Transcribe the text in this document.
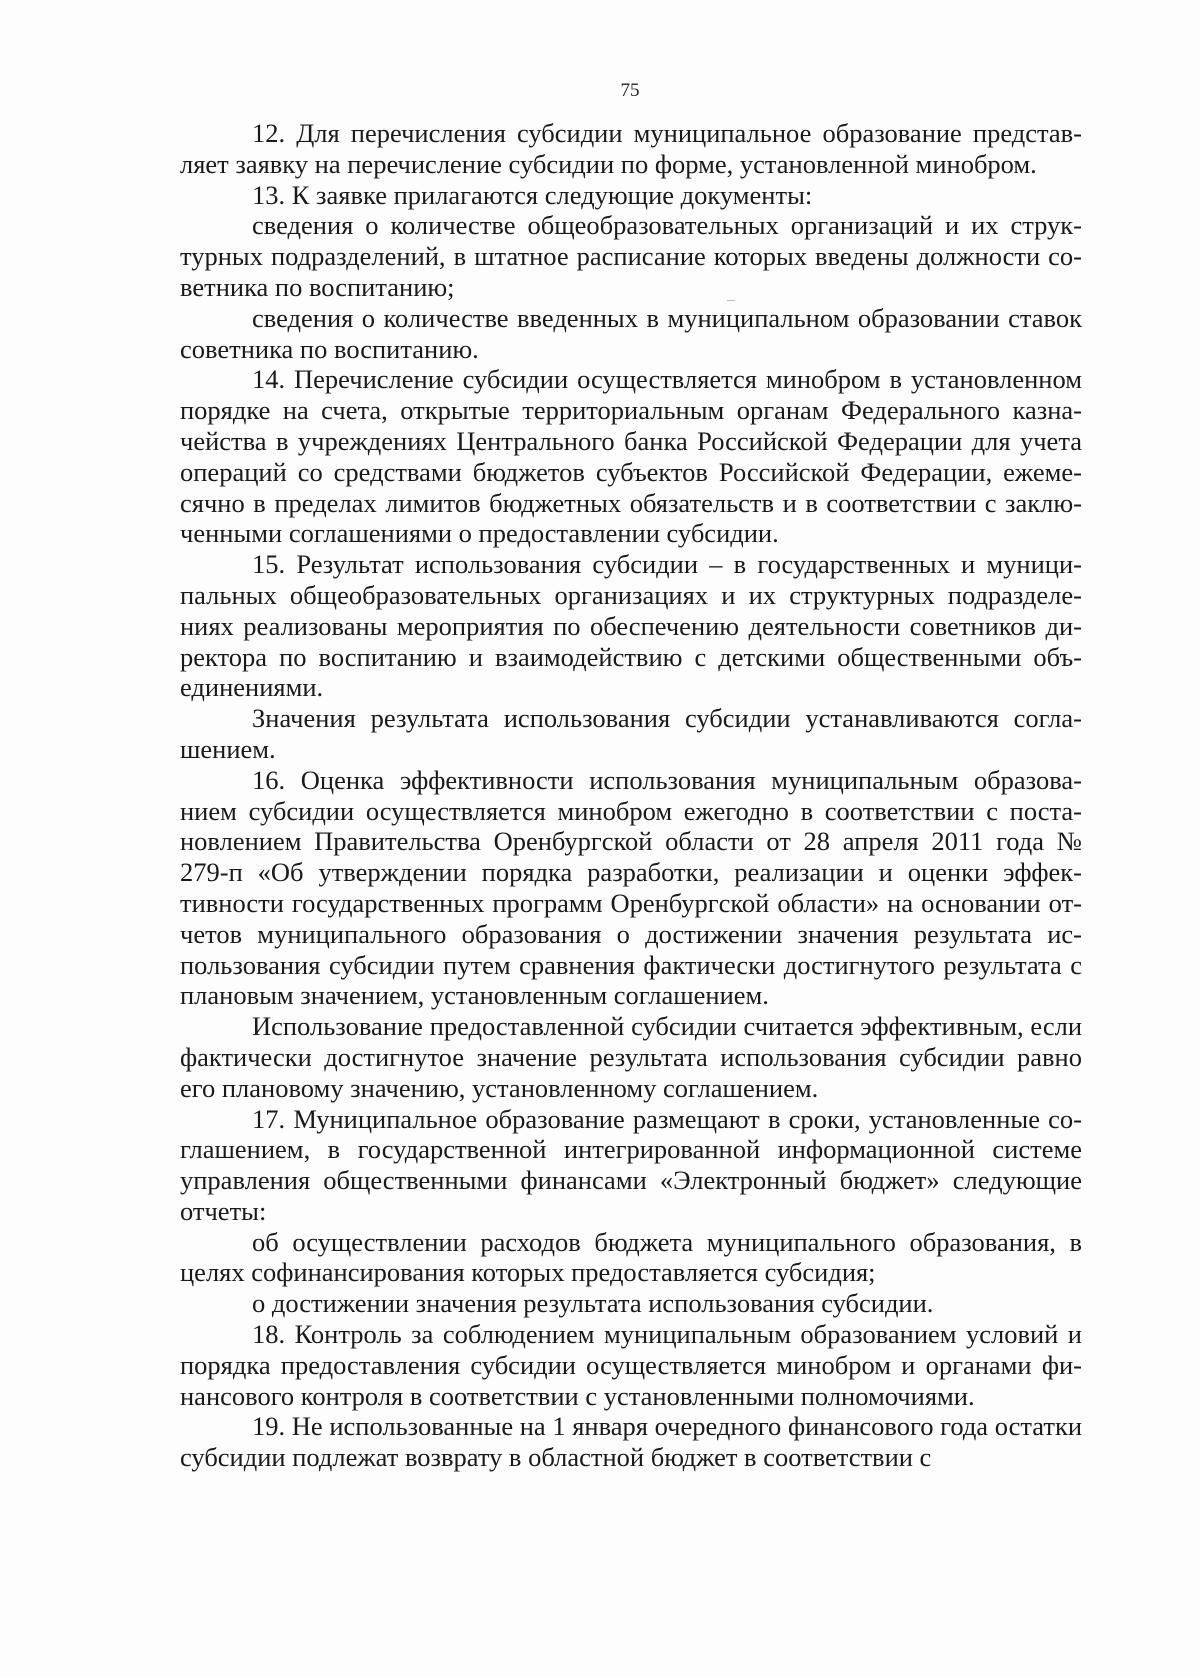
75

12. Для перечисления субсидии муниципальное образование представляет заявку на перечисление субсидии по форме, установленной минобром.

13. К заявке прилагаются следующие документы:

сведения о количестве общеобразовательных организаций и их структурных подразделений, в штатное расписание которых введены должности советника по воспитанию;

сведения о количестве введенных в муниципальном образовании ставок советника по воспитанию.

14. Перечисление субсидии осуществляется минобром в установленном порядке на счета, открытые территориальным органам Федерального казначейства в учреждениях Центрального банка Российской Федерации для учета операций со средствами бюджетов субъектов Российской Федерации, ежемесячно в пределах лимитов бюджетных обязательств и в соответствии с заключенными соглашениями о предоставлении субсидии.

15. Результат использования субсидии – в государственных и муниципальных общеобразовательных организациях и их структурных подразделениях реализованы мероприятия по обеспечению деятельности советников директора по воспитанию и взаимодействию с детскими общественными объединениями.

Значения результата использования субсидии устанавливаются соглашением.

16. Оценка эффективности использования муниципальным образованием субсидии осуществляется минобром ежегодно в соответствии с постановлением Правительства Оренбургской области от 28 апреля 2011 года № 279-п «Об утверждении порядка разработки, реализации и оценки эффективности государственных программ Оренбургской области» на основании отчетов муниципального образования о достижении значения результата использования субсидии путем сравнения фактически достигнутого результата с плановым значением, установленным соглашением.

Использование предоставленной субсидии считается эффективным, если фактически достигнутое значение результата использования субсидии равно его плановому значению, установленному соглашением.

17. Муниципальное образование размещают в сроки, установленные соглашением, в государственной интегрированной информационной системе управления общественными финансами «Электронный бюджет» следующие отчеты:

об осуществлении расходов бюджета муниципального образования, в целях софинансирования которых предоставляется субсидия;

о достижении значения результата использования субсидии.

18. Контроль за соблюдением муниципальным образованием условий и порядка предоставления субсидии осуществляется минобром и органами финансового контроля в соответствии с установленными полномочиями.

19. Не использованные на 1 января очередного финансового года остатки субсидии подлежат возврату в областной бюджет в соответствии с
